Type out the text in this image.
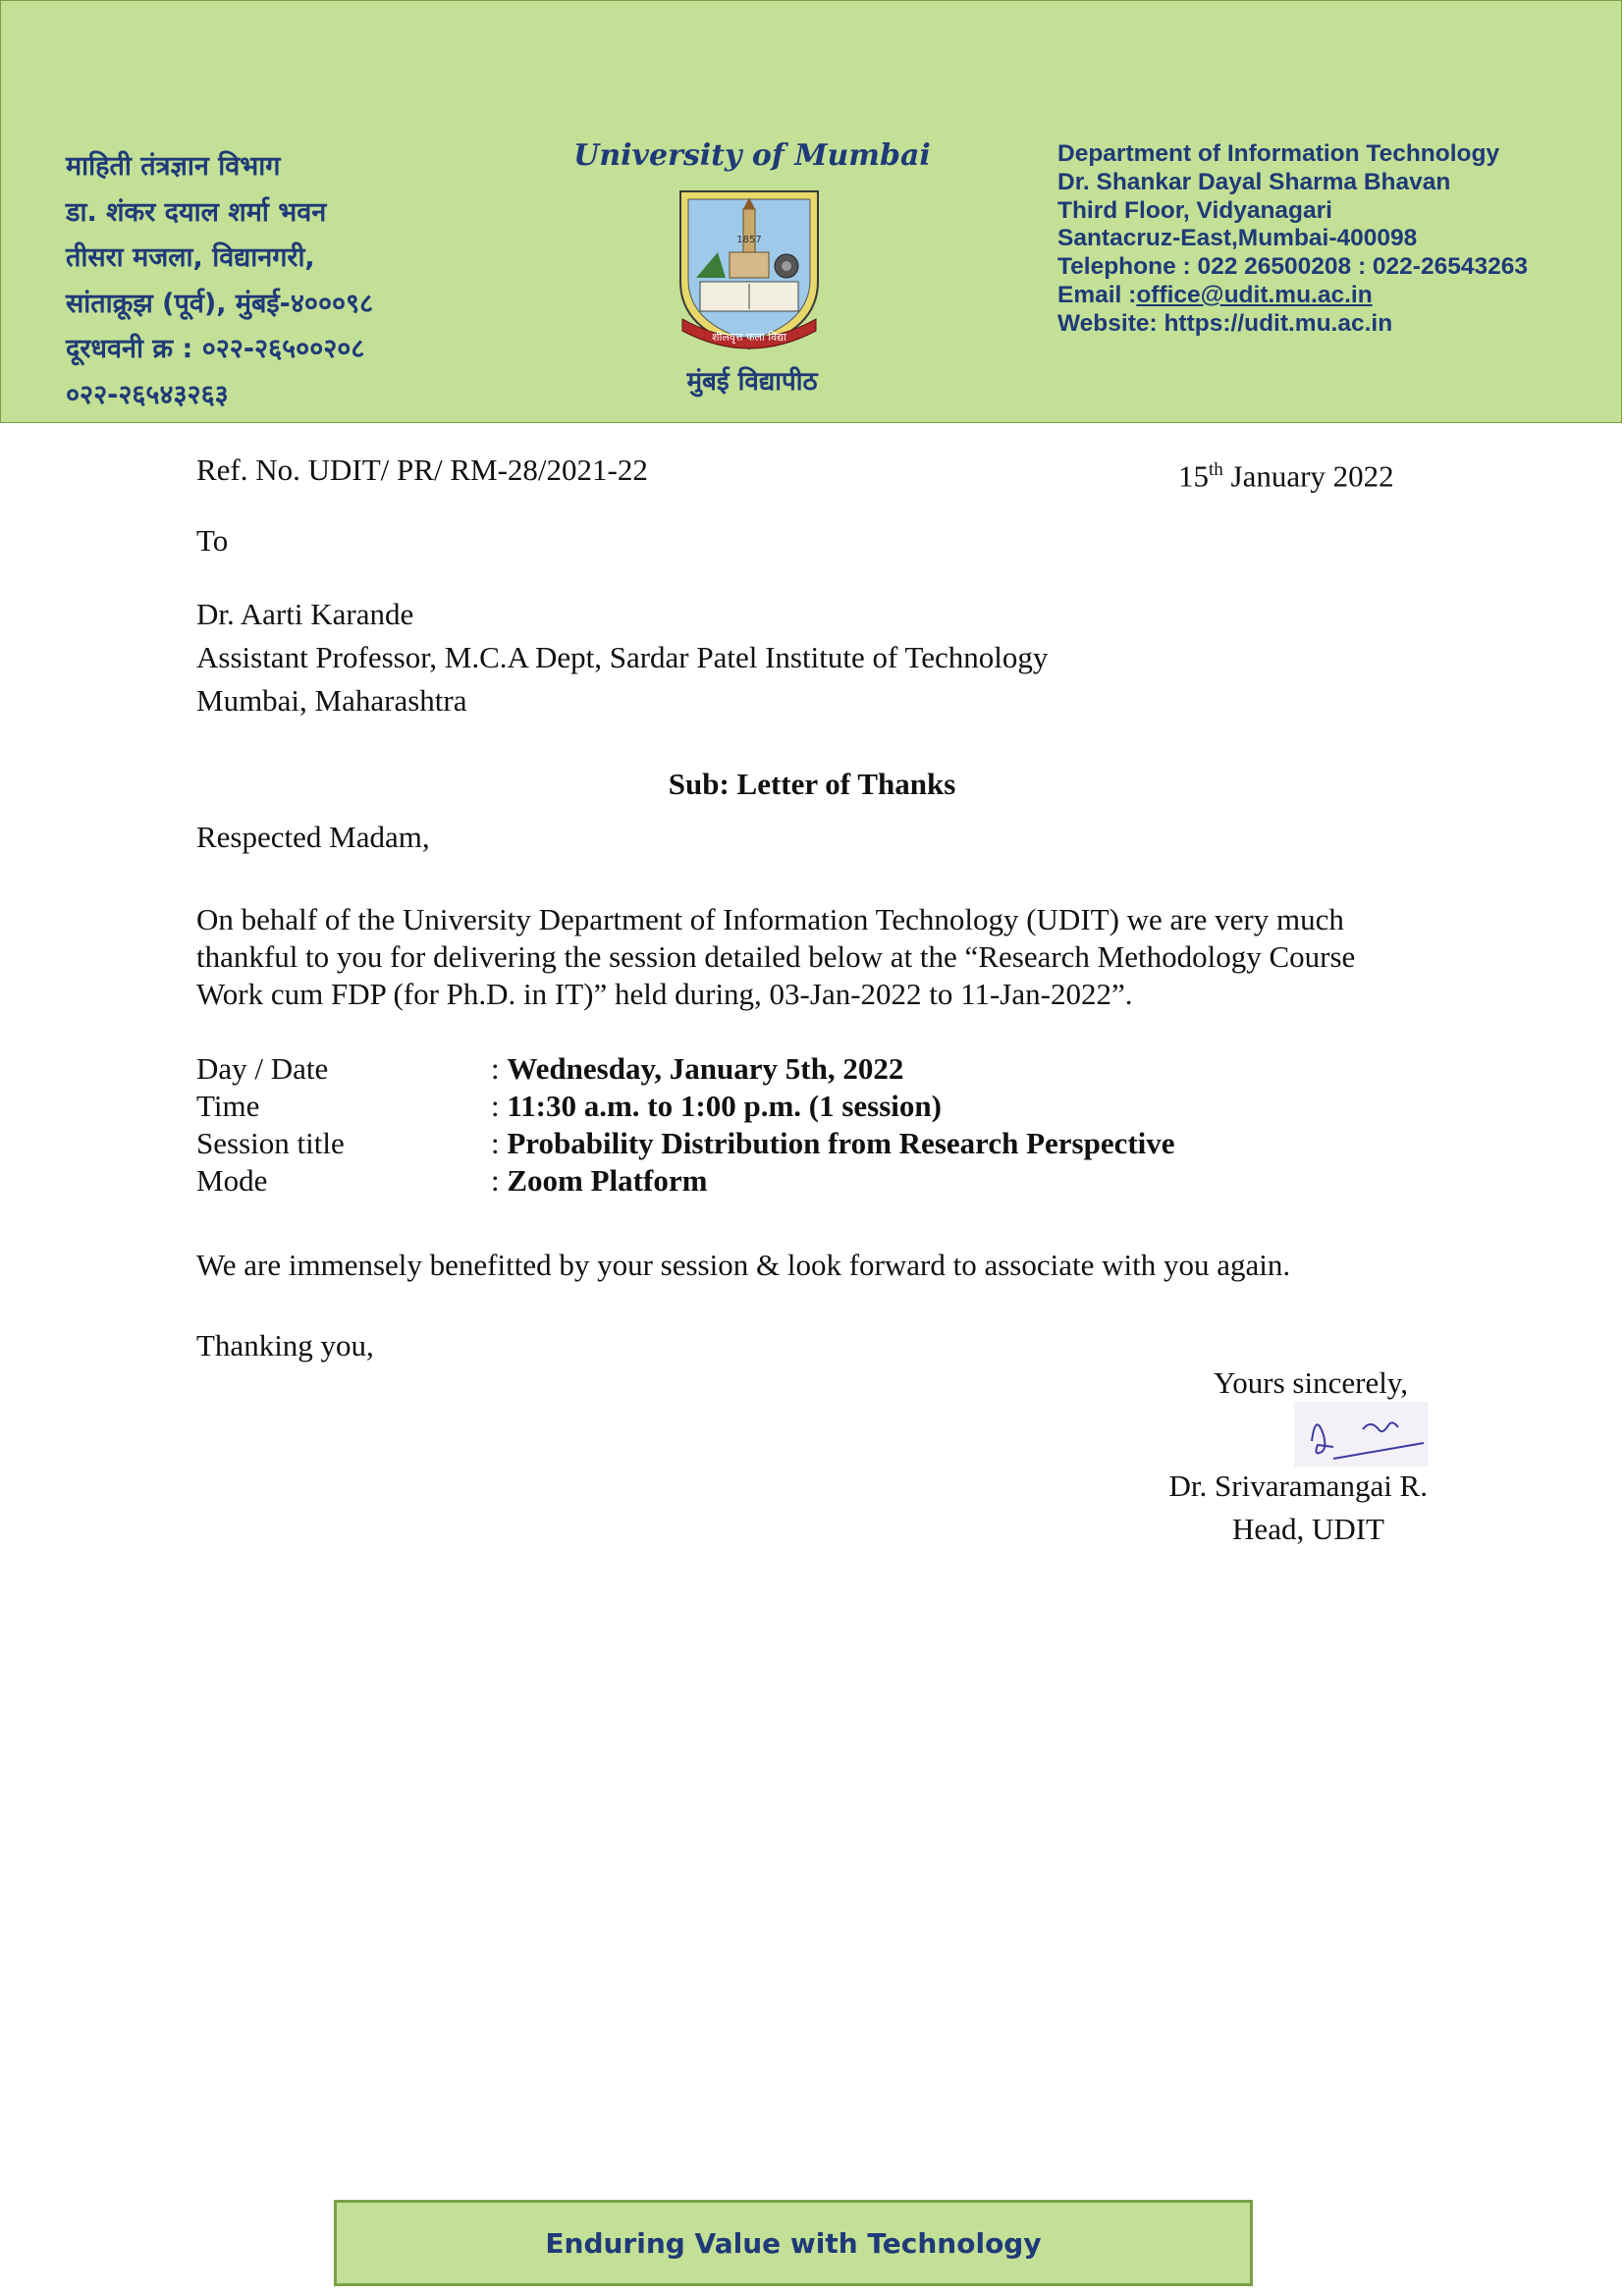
माहिती तंत्रज्ञान विभाग
डा. शंकर दयाल शर्मा भवन
तीसरा मजला, विद्यानगरी,
सांताक्रूझ (पूर्व), मुंबई-४०००९८
दूरधवनी क्र : ०२२-२६५००२०८
०२२-२६५४३२६३
University of Mumbai
1857
शीलवृत्त फला विद्या
मुंबई विद्यापीठ
Department of Information Technology
Dr. Shankar Dayal Sharma Bhavan
Third Floor, Vidyanagari
Santacruz-East,Mumbai-400098
Telephone : 022 26500208 : 022-26543263
Email :office@udit.mu.ac.in
Website: https://udit.mu.ac.in
Ref. No. UDIT/ PR/ RM-28/2021-22	15th January 2022
To
Dr. Aarti Karande
Assistant Professor, M.C.A Dept, Sardar Patel Institute of Technology
Mumbai, Maharashtra
Sub: Letter of Thanks
Respected Madam,
On behalf of the University Department of Information Technology (UDIT) we are very much
thankful to you for delivering the session detailed below at the “Research Methodology Course
Work cum FDP (for Ph.D. in IT)” held during, 03-Jan-2022 to 11-Jan-2022”.
Day / Date	: Wednesday, January 5th, 2022
Time	: 11:30 a.m. to 1:00 p.m. (1 session)
Session title	: Probability Distribution from Research Perspective
Mode	: Zoom Platform
We are immensely benefitted by your session & look forward to associate with you again.
Thanking you,
Yours sincerely,
Dr. Srivaramangai R.
Head, UDIT
Enduring Value with Technology
